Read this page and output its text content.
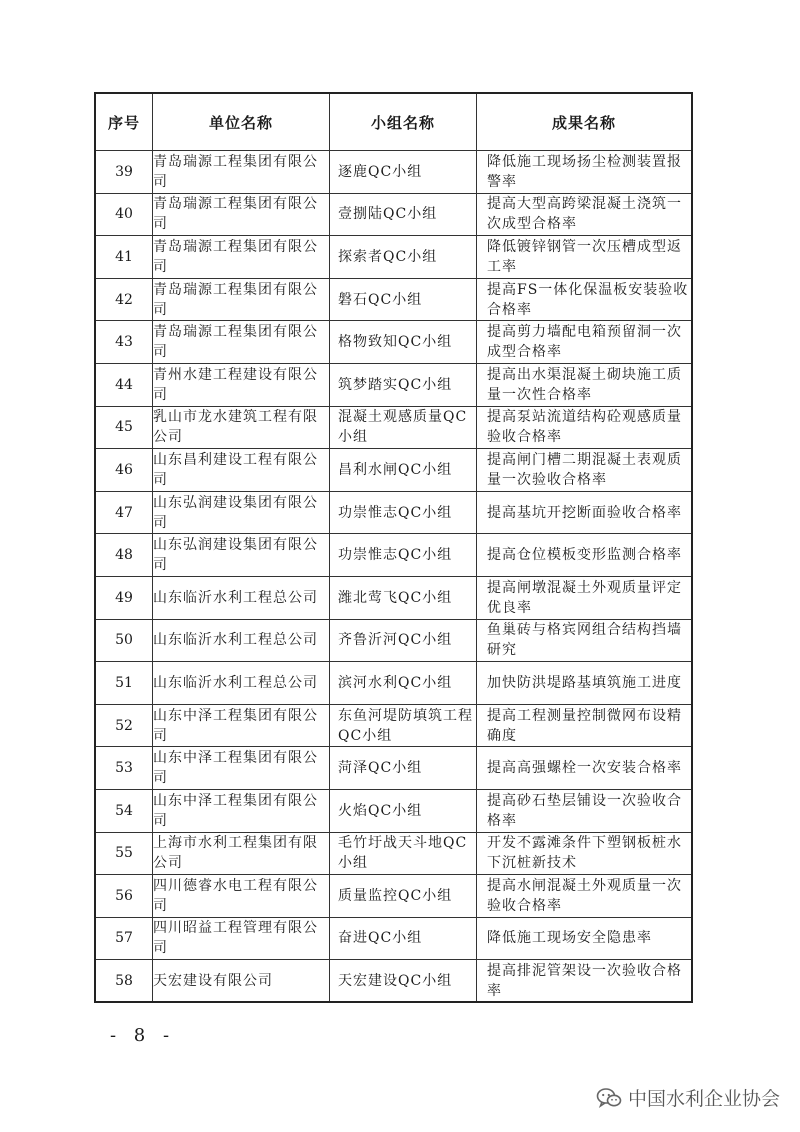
序号	单位名称	小组名称	成果名称
39	青岛瑞源工程集团有限公司	逐鹿QC小组	降低施工现场扬尘检测装置报警率
40	青岛瑞源工程集团有限公司	壹捌陆QC小组	提高大型高跨梁混凝土浇筑一次成型合格率
41	青岛瑞源工程集团有限公司	探索者QC小组	降低镀锌钢管一次压槽成型返工率
42	青岛瑞源工程集团有限公司	磐石QC小组	提高FS一体化保温板安装验收合格率
43	青岛瑞源工程集团有限公司	格物致知QC小组	提高剪力墙配电箱预留洞一次成型合格率
44	青州水建工程建设有限公司	筑梦踏实QC小组	提高出水渠混凝土砌块施工质量一次性合格率
45	乳山市龙水建筑工程有限公司	混凝土观感质量QC小组	提高泵站流道结构砼观感质量验收合格率
46	山东昌利建设工程有限公司	昌利水闸QC小组	提高闸门槽二期混凝土表观质量一次验收合格率
47	山东弘润建设集团有限公司	功崇惟志QC小组	提高基坑开挖断面验收合格率
48	山东弘润建设集团有限公司	功崇惟志QC小组	提高仓位模板变形监测合格率
49	山东临沂水利工程总公司	潍北莺飞QC小组	提高闸墩混凝土外观质量评定优良率
50	山东临沂水利工程总公司	齐鲁沂河QC小组	鱼巢砖与格宾网组合结构挡墙研究
51	山东临沂水利工程总公司	滨河水利QC小组	加快防洪堤路基填筑施工进度
52	山东中泽工程集团有限公司	东鱼河堤防填筑工程QC小组	提高工程测量控制微网布设精确度
53	山东中泽工程集团有限公司	菏泽QC小组	提高高强螺栓一次安装合格率
54	山东中泽工程集团有限公司	火焰QC小组	提高砂石垫层铺设一次验收合格率
55	上海市水利工程集团有限公司	毛竹圩战天斗地QC小组	开发不露滩条件下塑钢板桩水下沉桩新技术
56	四川德睿水电工程有限公司	质量监控QC小组	提高水闸混凝土外观质量一次验收合格率
57	四川昭益工程管理有限公司	奋进QC小组	降低施工现场安全隐患率
58	天宏建设有限公司	天宏建设QC小组	提高排泥管架设一次验收合格率
- 8 -
中国水利企业协会
